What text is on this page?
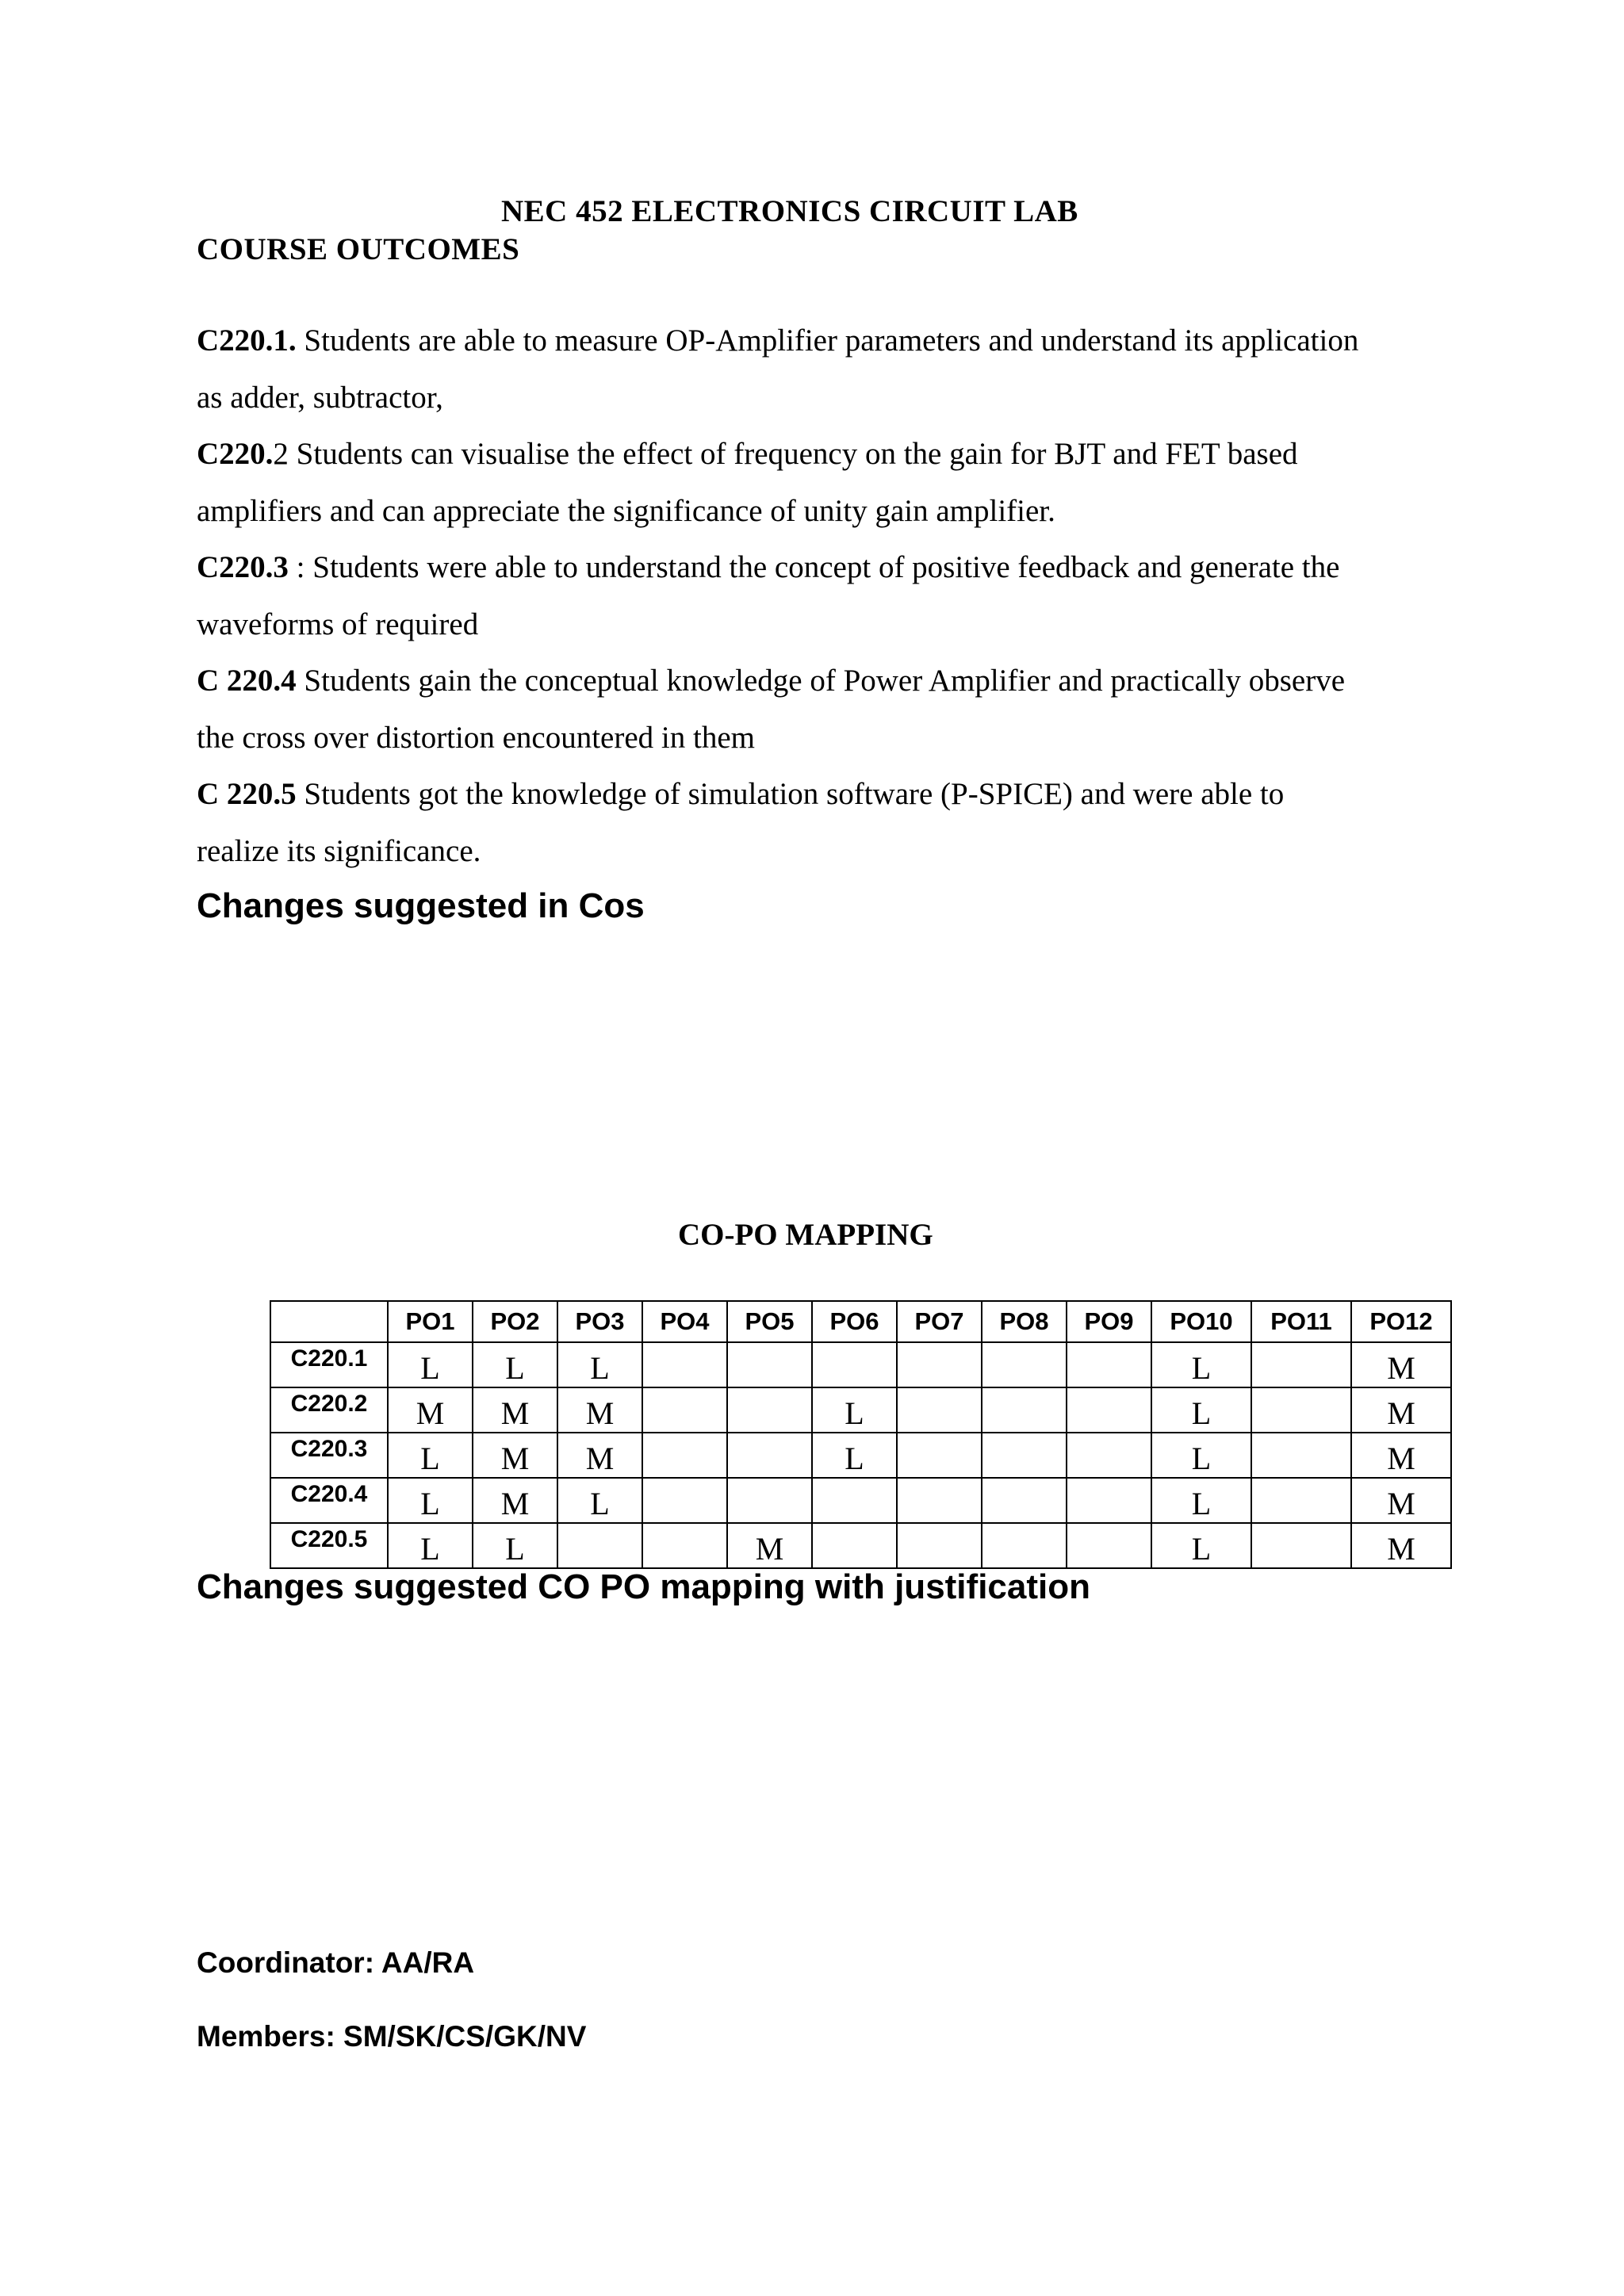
NEC 452 ELECTRONICS CIRCUIT LAB
COURSE OUTCOMES
C220.1. Students are able to measure OP-Amplifier parameters and understand its application
as adder, subtractor,
C220.2 Students can visualise the effect of frequency on the gain for BJT and FET based
amplifiers and can appreciate the significance of unity gain amplifier.
C220.3 : Students were able to understand the concept of positive feedback and generate the
waveforms of required
C 220.4 Students gain the conceptual knowledge of Power Amplifier and practically observe
the cross over distortion encountered in them
C 220.5 Students got the knowledge of simulation software (P-SPICE) and were able to
realize its significance.
Changes suggested in Cos
CO-PO MAPPING
	PO1	PO2	PO3	PO4	PO5	PO6	PO7	PO8	PO9	PO10	PO11	PO12
C220.1	L	L	L							L		M
C220.2	M	M	M			L				L		M
C220.3	L	M	M			L				L		M
C220.4	L	M	L							L		M
C220.5	L	L			M					L		M
Changes suggested CO PO mapping with justification
Coordinator: AA/RA
Members: SM/SK/CS/GK/NV
